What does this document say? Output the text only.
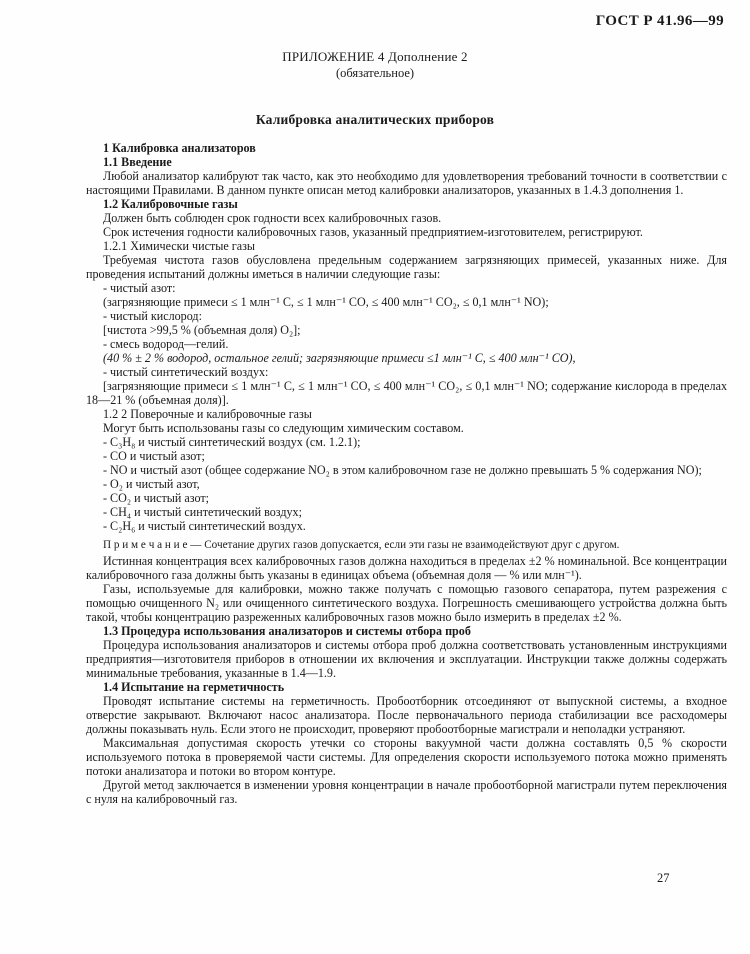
ГОСТ Р 41.96—99
ПРИЛОЖЕНИЕ 4 Дополнение 2
(обязательное)
Калибровка аналитических приборов

1 Калибровка анализаторов

1.1 Введение

Любой анализатор калибруют так часто, как это необходимо для удовлетворения требований точности в соответствии с настоящими Правилами. В данном пункте описан метод калибровки анализаторов, указанных в 1.4.3 дополнения 1.

1.2 Калибровочные газы

Должен быть соблюден срок годности всех калибровочных газов.

Срок истечения годности калибровочных газов, указанный предприятием-изготовителем, регистрируют.

1.2.1 Химически чистые газы

Требуемая чистота газов обусловлена предельным содержанием загрязняющих примесей, указанных ниже. Для проведения испытаний должны иметься в наличии следующие газы:

- чистый азот:

(загрязняющие примеси ≤ 1 млн⁻¹ C, ≤ 1 млн⁻¹ CO, ≤ 400 млн⁻¹ CO₂, ≤ 0,1 млн⁻¹ NO);

- чистый кислород:

[чистота >99,5 % (объемная доля) O₂];

- смесь водород—гелий.

(40 % ± 2 % водород, остальное гелий; загрязняющие примеси ≤1 млн⁻¹ C, ≤ 400 млн⁻¹ CO),

- чистый синтетический воздух:

[загрязняющие примеси ≤ 1 млн⁻¹ C, ≤ 1 млн⁻¹ CO, ≤ 400 млн⁻¹ CO₂, ≤ 0,1 млн⁻¹ NO; содержание кислорода в пределах 18—21 % (объемная доля)].

1.2 2 Поверочные и калибровочные газы

Могут быть использованы газы со следующим химическим составом.

- C₃H₈ и чистый синтетический воздух (см. 1.2.1);

- CO и чистый азот;

- NO и чистый азот (общее содержание NO₂ в этом калибровочном газе не должно превышать 5 % содержания NO);

- O₂ и чистый азот,

- CO₂ и чистый азот;

- CH₄ и чистый синтетический воздух;

- C₂H₆ и чистый синтетический воздух.

П р и м е ч а н и е — Сочетание других газов допускается, если эти газы не взаимодействуют друг с другом.

Истинная концентрация всех калибровочных газов должна находиться в пределах ±2 % номинальной. Все концентрации калибровочного газа должны быть указаны в единицах объема (объемная доля — % или млн⁻¹).

Газы, используемые для калибровки, можно также получать с помощью газового сепаратора, путем разрежения с помощью очищенного N₂ или очищенного синтетического воздуха. Погрешность смешивающего устройства должна быть такой, чтобы концентрацию разреженных калибровочных газов можно было измерить в пределах ±2 %.

1.3 Процедура использования анализаторов и системы отбора проб

Процедура использования анализаторов и системы отбора проб должна соответствовать установленным инструкциями предприятия—изготовителя приборов в отношении их включения и эксплуатации. Инструкции также должны содержать минимальные требования, указанные в 1.4—1.9.

1.4 Испытание на герметичность

Проводят испытание системы на герметичность. Пробоотборник отсоединяют от выпускной системы, а входное отверстие закрывают. Включают насос анализатора. После первоначального периода стабилизации все расходомеры должны показывать нуль. Если этого не происходит, проверяют пробоотборные магистрали и неполадки устраняют.

Максимальная допустимая скорость утечки со стороны вакуумной части должна составлять 0,5 % скорости используемого потока в проверяемой части системы. Для определения скорости используемого потока можно применять потоки анализатора и потоки во втором контуре.

Другой метод заключается в изменении уровня концентрации в начале пробоотборной магистрали путем переключения с нуля на калибровочный газ.

27
